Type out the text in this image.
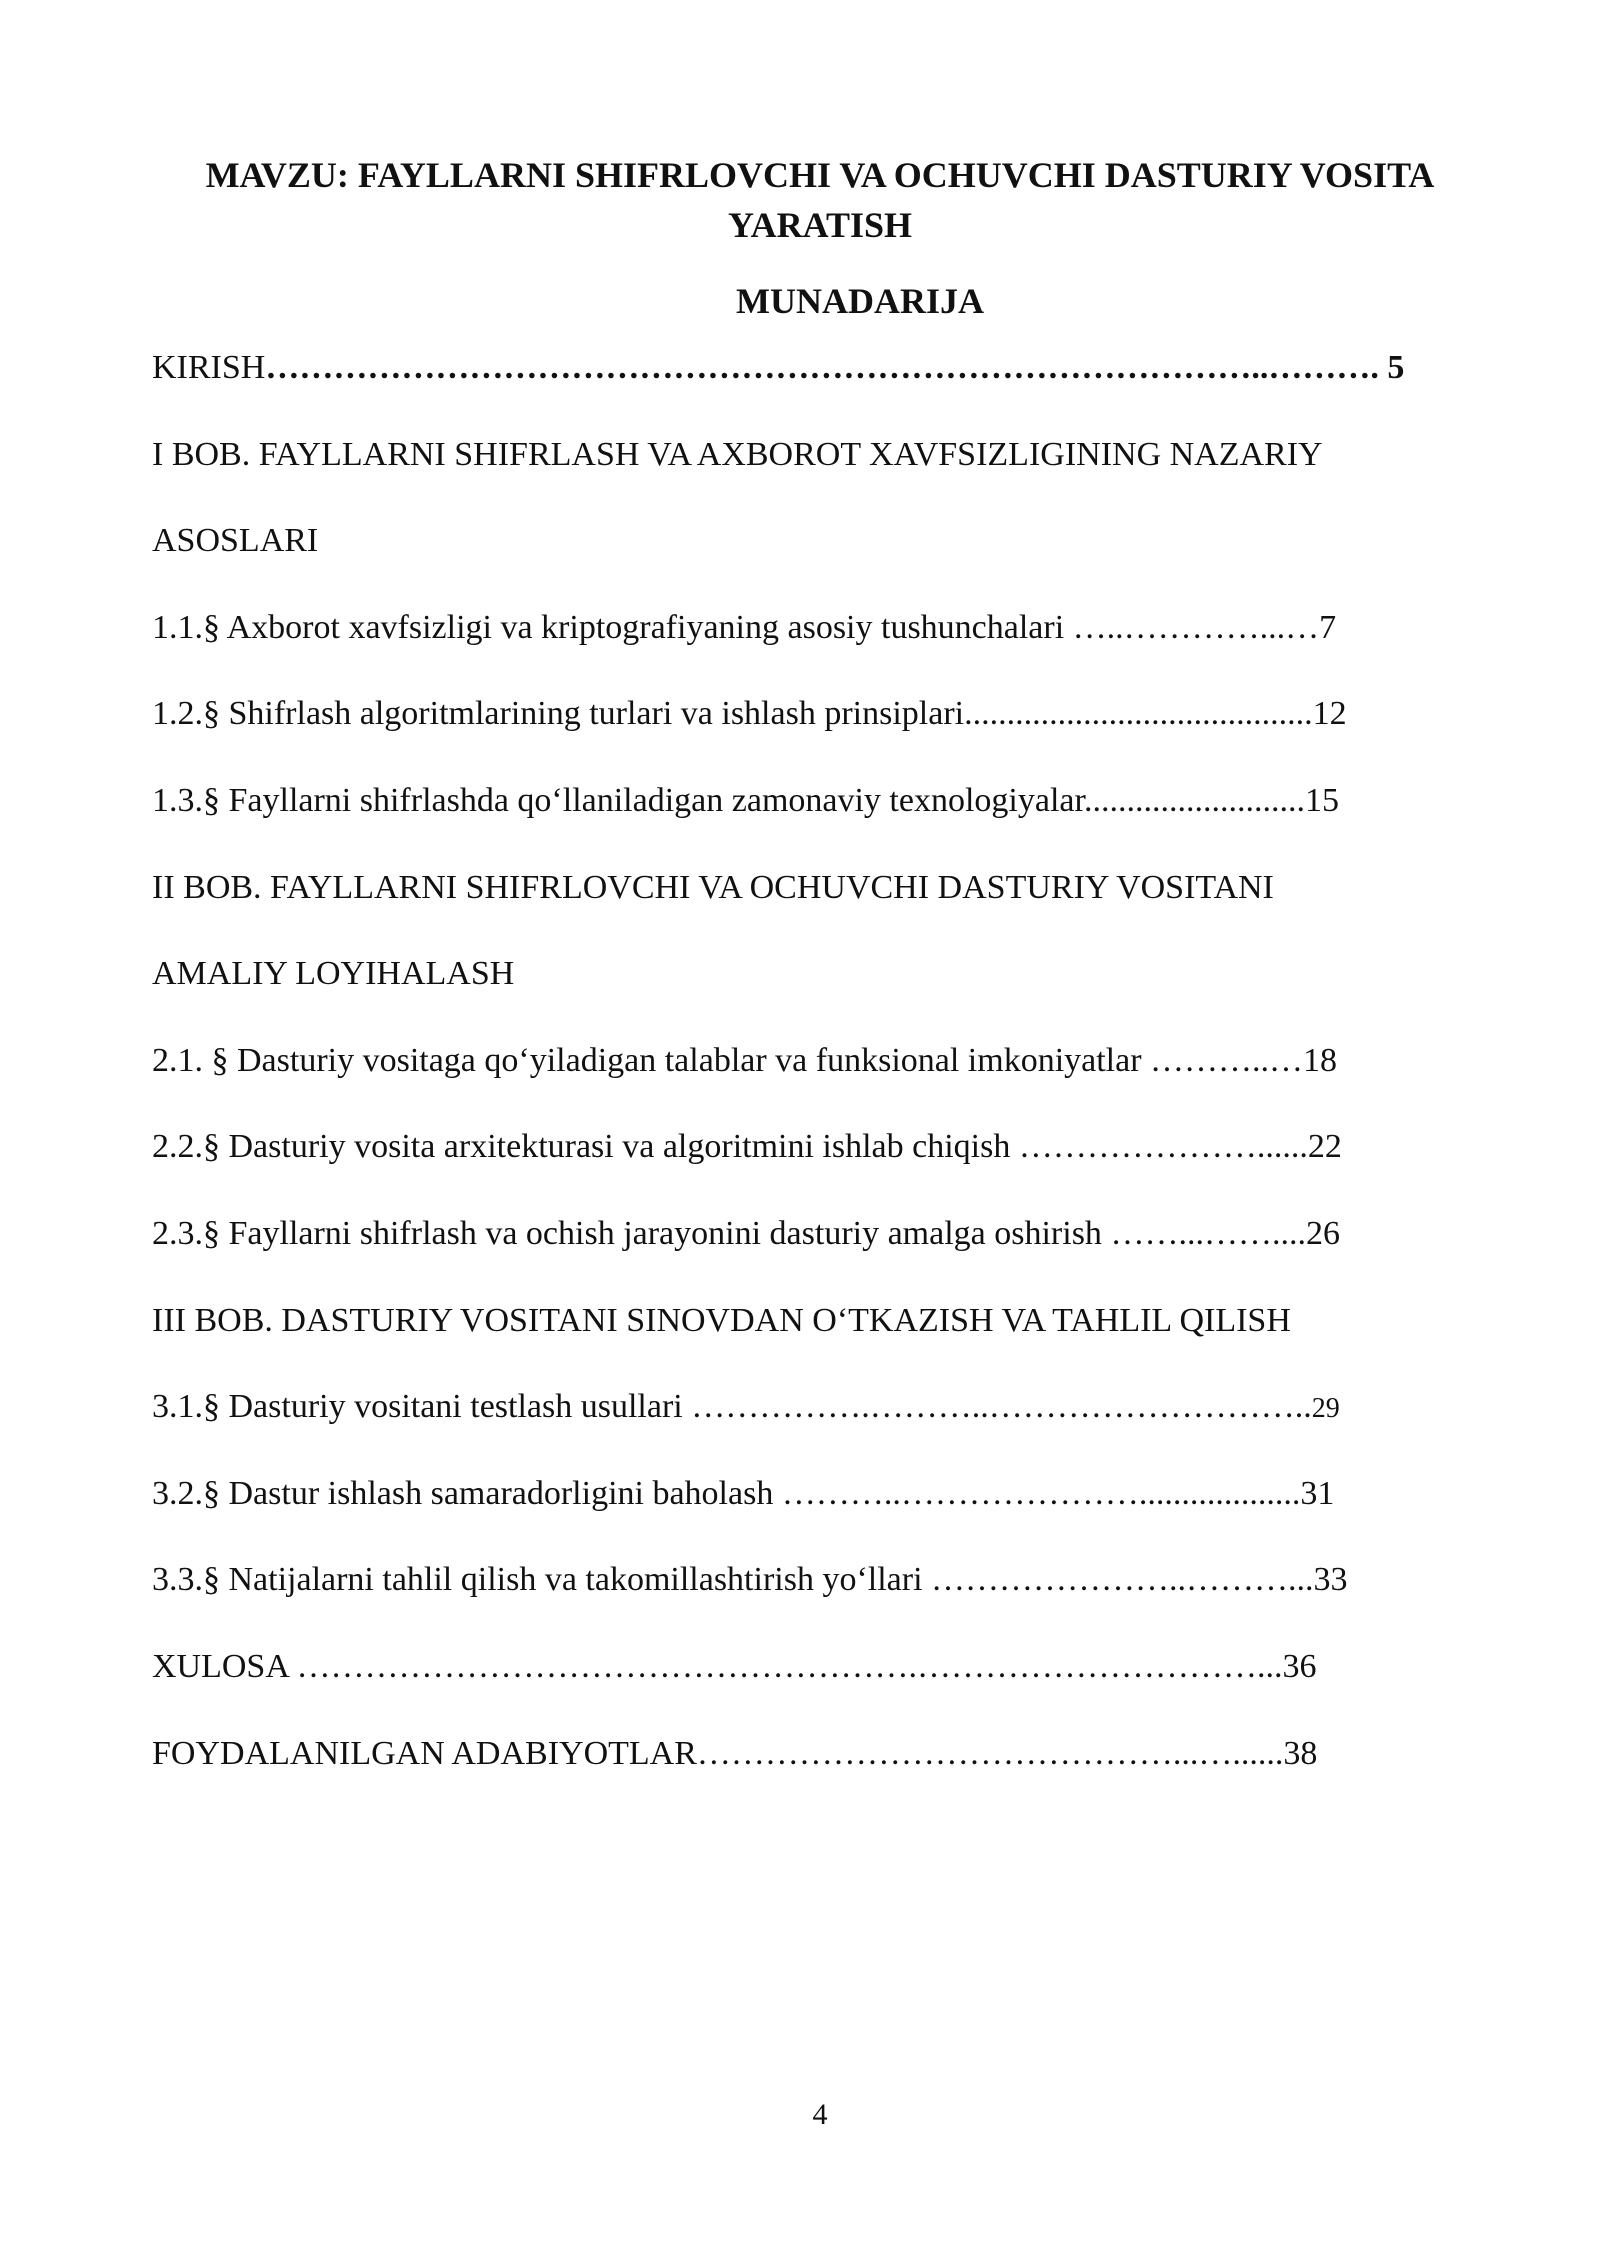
MAVZU: FAYLLARNI SHIFRLOVCHI VA OCHUVCHI DASTURIY VOSITA
YARATISH
MUNADARIJA
KIRISH……………………………………………………………………………..………. 5
I BOB. FAYLLARNI SHIFRLASH VA AXBOROT XAVFSIZLIGINING NAZARIY
ASOSLARI
1.1.§ Axborot xavfsizligi va kriptografiyaning asosiy tushunchalari …..…………...…7
1.2.§ Shifrlash algoritmlarining turlari va ishlash prinsiplari.........................................12
1.3.§ Fayllarni shifrlashda qo‘llaniladigan zamonaviy texnologiyalar..........................15
II BOB. FAYLLARNI SHIFRLOVCHI VA OCHUVCHI DASTURIY VOSITANI
AMALIY LOYIHALASH
2.1. § Dasturiy vositaga qo‘yiladigan talablar va funksional imkoniyatlar ………..…18
2.2.§ Dasturiy vosita arxitekturasi va algoritmini ishlab chiqish …………………......22
2.3.§ Fayllarni shifrlash va ochish jarayonini dasturiy amalga oshirish ……...……....26
III BOB. DASTURIY VOSITANI SINOVDAN O‘TKAZISH VA TAHLIL QILISH
3.1.§ Dasturiy vositani testlash usullari …………….………..………………………..29
3.2.§ Dastur ishlash samaradorligini baholash ………..…………………...................31
3.3.§ Natijalarni tahlil qilish va takomillashtirish yo‘llari …………………..………...33
XULOSA ……………………………………………….…………………………...36
FOYDALANILGAN ADABIYOTLAR……………………………………...…......38
4
